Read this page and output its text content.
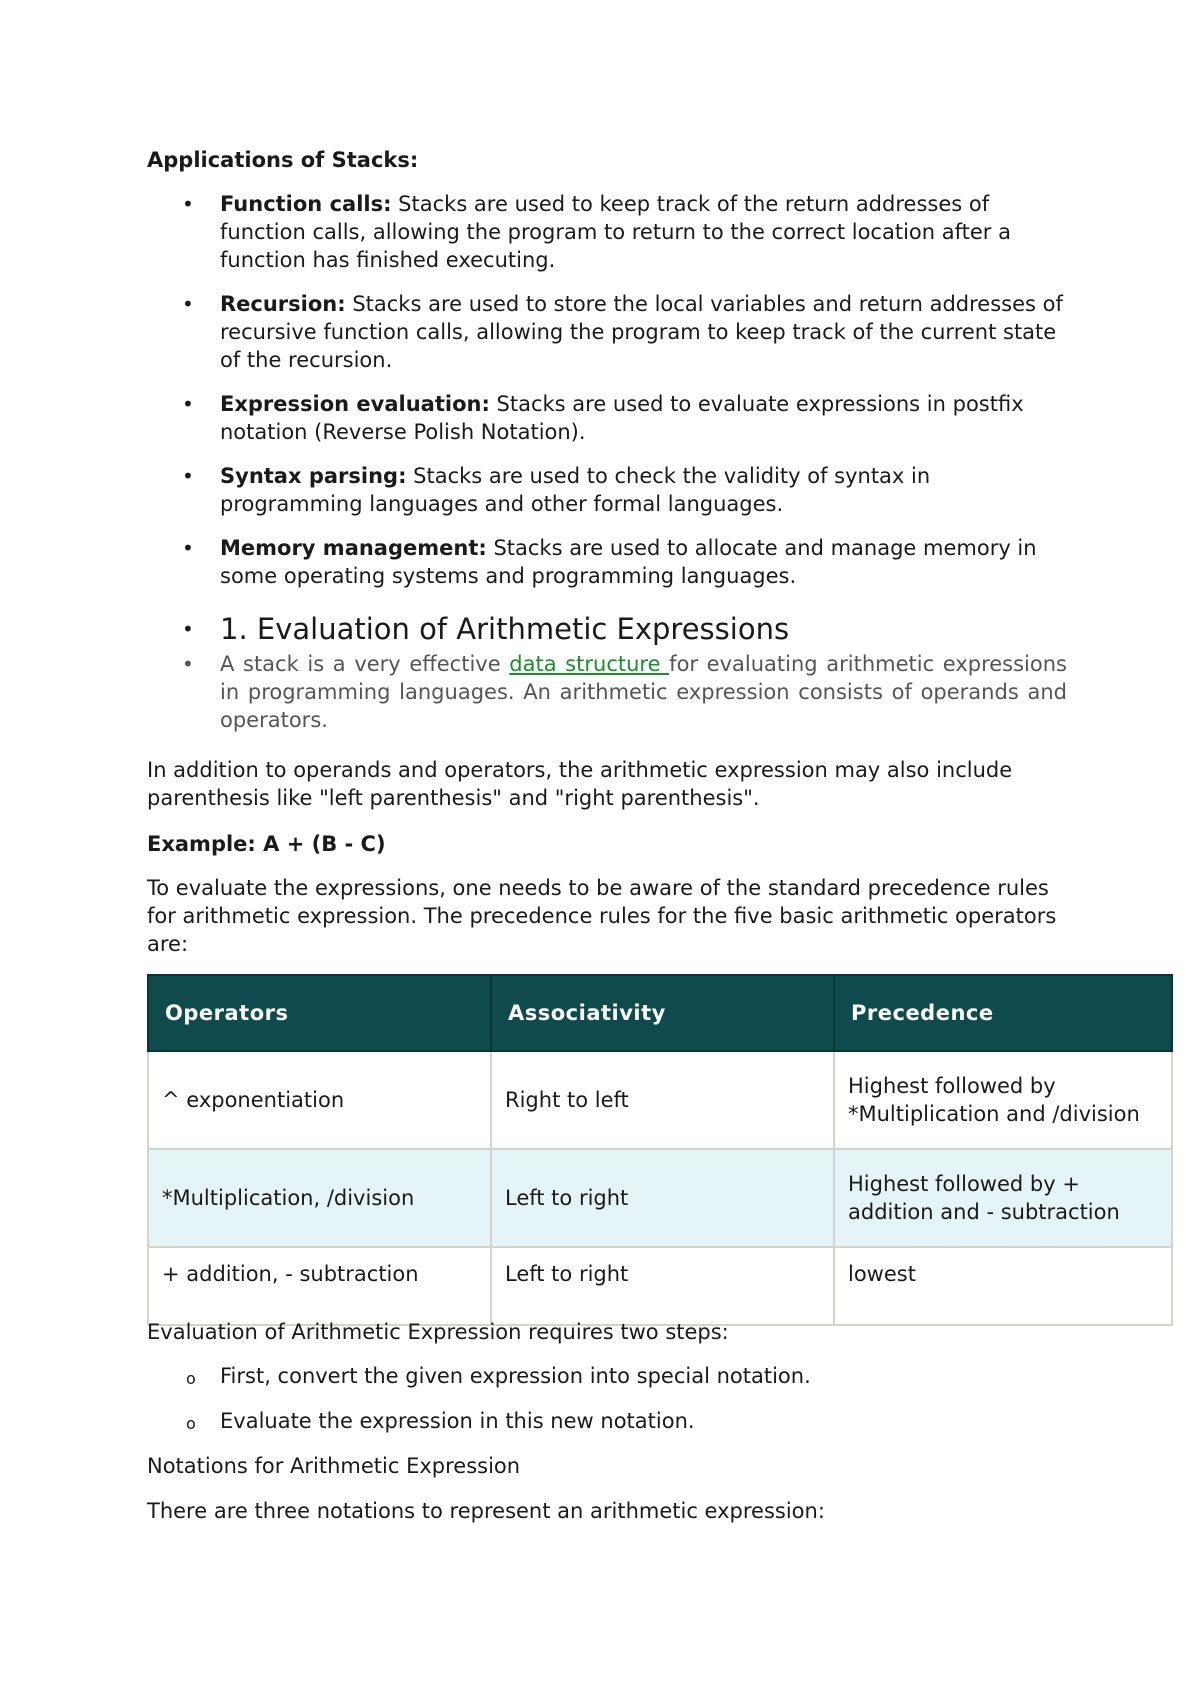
Applications of Stacks:

• Function calls: Stacks are used to keep track of the return addresses of function calls, allowing the program to return to the correct location after a function has finished executing.
• Recursion: Stacks are used to store the local variables and return addresses of recursive function calls, allowing the program to keep track of the current state of the recursion.
• Expression evaluation: Stacks are used to evaluate expressions in postfix notation (Reverse Polish Notation).
• Syntax parsing: Stacks are used to check the validity of syntax in programming languages and other formal languages.
• Memory management: Stacks are used to allocate and manage memory in some operating systems and programming languages.
• 1. Evaluation of Arithmetic Expressions
• A stack is a very effective data structure for evaluating arithmetic expressions in programming languages. An arithmetic expression consists of operands and operators.

In addition to operands and operators, the arithmetic expression may also include parenthesis like "left parenthesis" and "right parenthesis".

Example: A + (B - C)

To evaluate the expressions, one needs to be aware of the standard precedence rules for arithmetic expression. The precedence rules for the five basic arithmetic operators are:

Operators	Associativity	Precedence
^ exponentiation	Right to left	Highest followed by *Multiplication and /division
*Multiplication, /division	Left to right	Highest followed by + addition and - subtraction
+ addition, - subtraction	Left to right	lowest

Evaluation of Arithmetic Expression requires two steps:

o First, convert the given expression into special notation.
o Evaluate the expression in this new notation.

Notations for Arithmetic Expression

There are three notations to represent an arithmetic expression:
